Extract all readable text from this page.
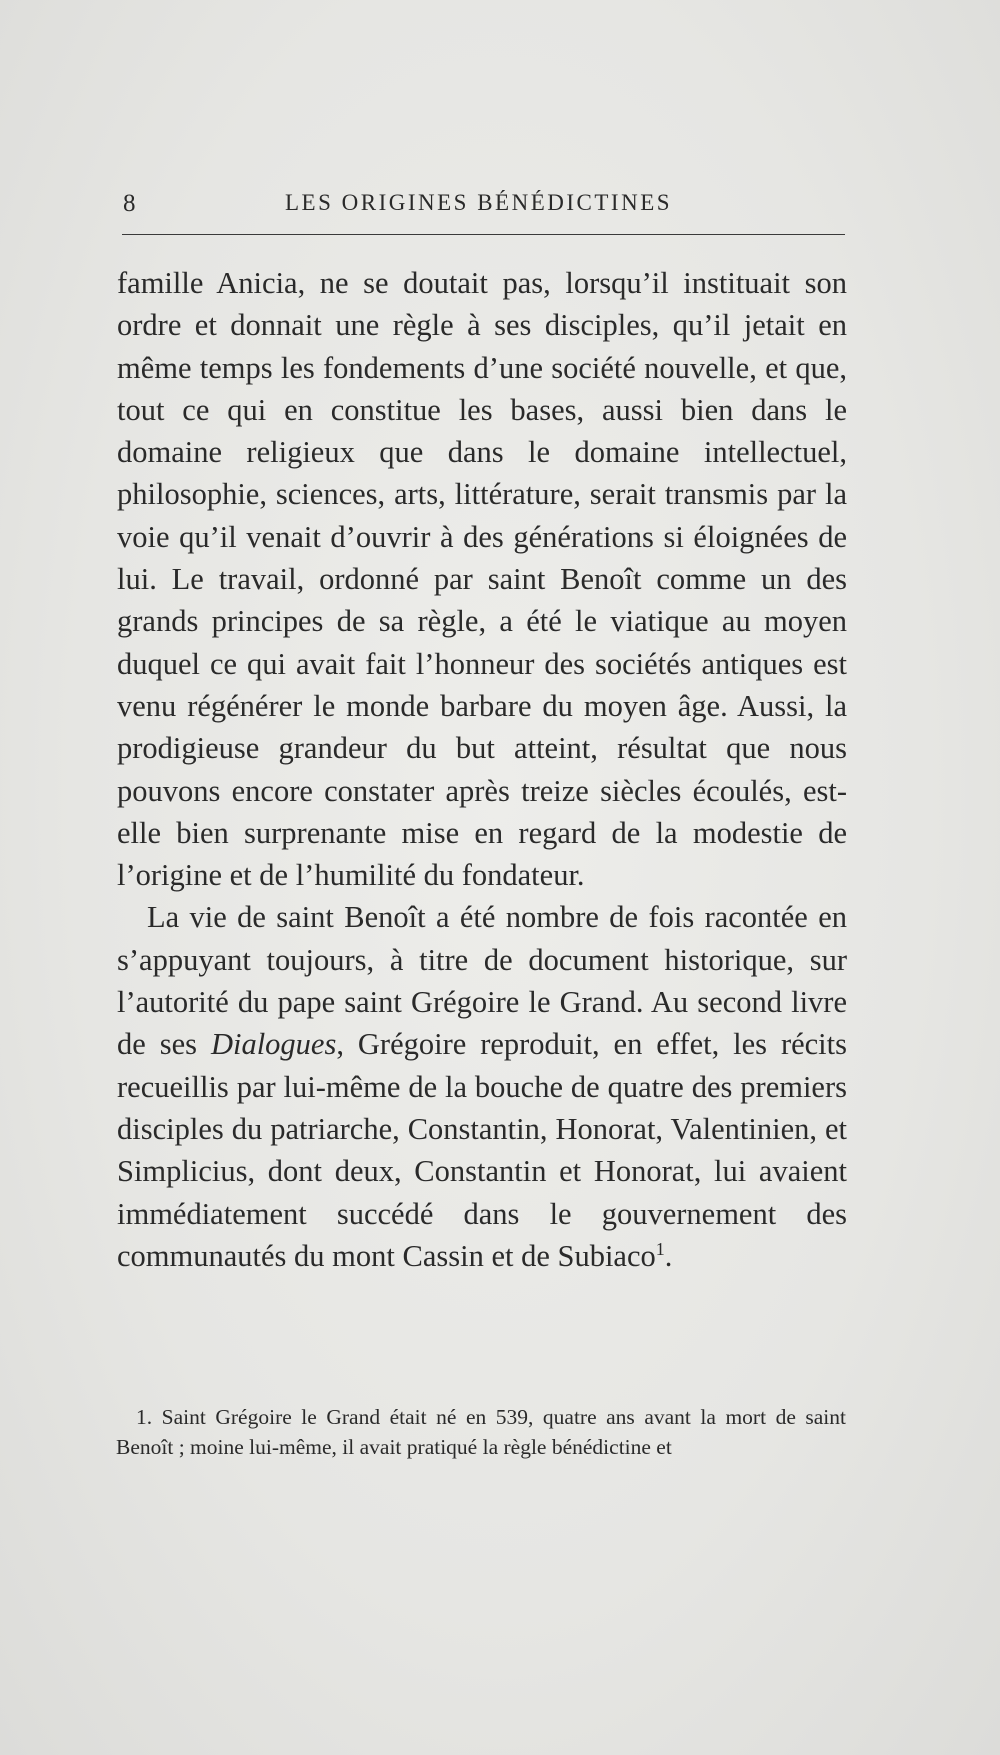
8	LES ORIGINES BÉNÉDICTINES

famille Anicia, ne se doutait pas, lorsqu’il instituait son ordre et donnait une règle à ses disciples, qu’il jetait en même temps les fondements d’une société nouvelle, et que, tout ce qui en constitue les bases, aussi bien dans le domaine religieux que dans le domaine intellectuel, philosophie, sciences, arts, littérature, serait transmis par la voie qu’il venait d’ouvrir à des générations si éloignées de lui. Le travail, ordonné par saint Benoît comme un des grands principes de sa règle, a été le viatique au moyen duquel ce qui avait fait l’honneur des sociétés antiques est venu régénérer le monde barbare du moyen âge. Aussi, la prodigieuse grandeur du but atteint, résultat que nous pouvons encore constater après treize siècles écoulés, est-elle bien surprenante mise en regard de la modestie de l’origine et de l’humilité du fondateur.

La vie de saint Benoît a été nombre de fois racontée en s’appuyant toujours, à titre de document historique, sur l’autorité du pape saint Grégoire le Grand. Au second livre de ses Dialogues, Grégoire reproduit, en effet, les récits recueillis par lui-même de la bouche de quatre des premiers disciples du patriarche, Constantin, Honorat, Valentinien, et Simplicius, dont deux, Constantin et Honorat, lui avaient immédiatement succédé dans le gouvernement des communautés du mont Cassin et de Subiaco$^1$.

1. Saint Grégoire le Grand était né en 539, quatre ans avant la mort de saint Benoît ; moine lui-même, il avait pratiqué la règle bénédictine et
